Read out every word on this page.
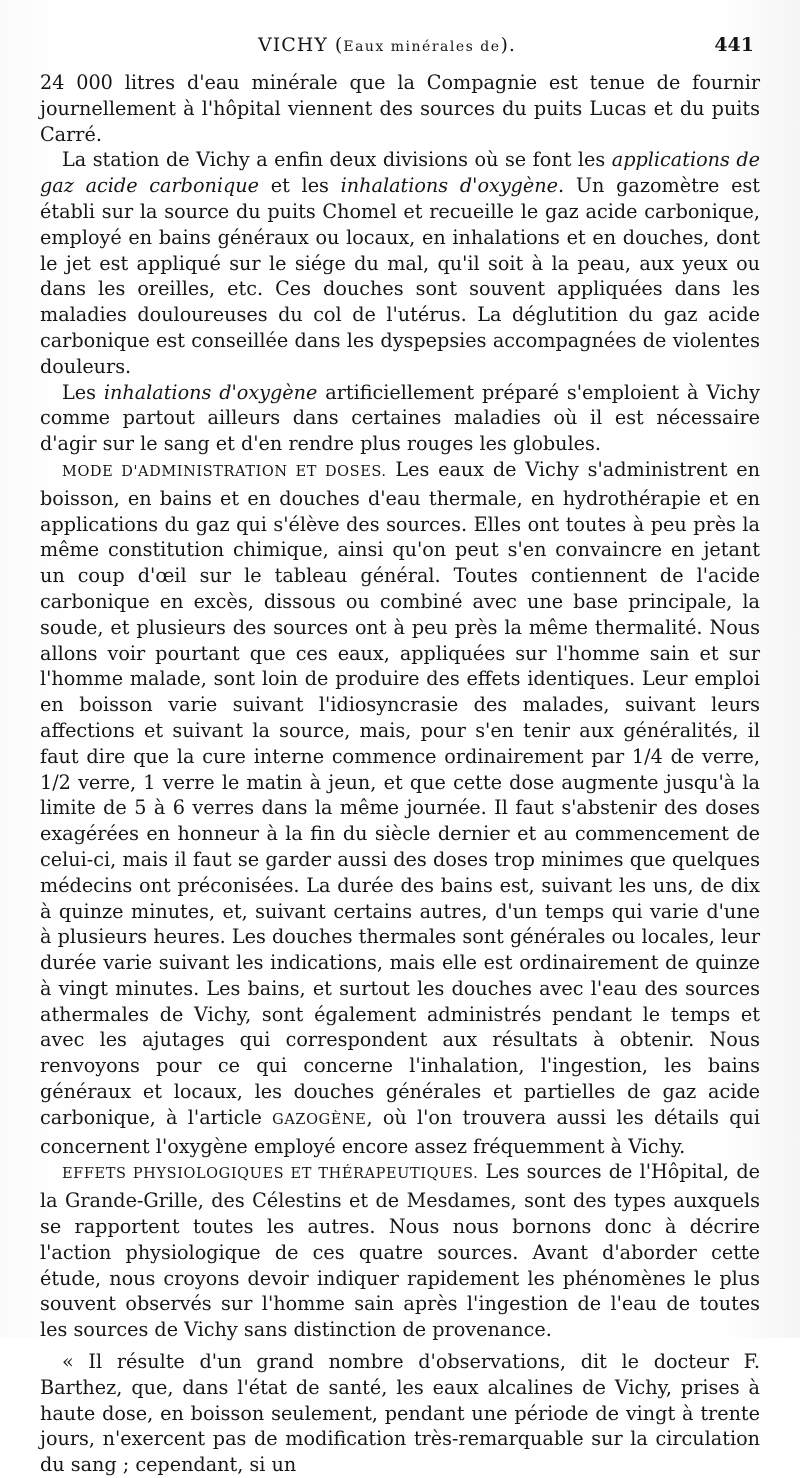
VICHY (Eaux minérales de).	441

24 000 litres d'eau minérale que la Compagnie est tenue de fournir journellement à l'hôpital viennent des sources du puits Lucas et du puits Carré.

La station de Vichy a enfin deux divisions où se font les applications de gaz acide carbonique et les inhalations d'oxygène. Un gazomètre est établi sur la source du puits Chomel et recueille le gaz acide carbonique, employé en bains généraux ou locaux, en inhalations et en douches, dont le jet est appliqué sur le siége du mal, qu'il soit à la peau, aux yeux ou dans les oreilles, etc. Ces douches sont souvent appliquées dans les maladies douloureuses du col de l'utérus. La déglutition du gaz acide carbonique est conseillée dans les dyspepsies accompagnées de violentes douleurs.

Les inhalations d'oxygène artificiellement préparé s'emploient à Vichy comme partout ailleurs dans certaines maladies où il est nécessaire d'agir sur le sang et d'en rendre plus rouges les globules.

MODE D'ADMINISTRATION ET DOSES. Les eaux de Vichy s'administrent en boisson, en bains et en douches d'eau thermale, en hydrothérapie et en applications du gaz qui s'élève des sources. Elles ont toutes à peu près la même constitution chimique, ainsi qu'on peut s'en convaincre en jetant un coup d'œil sur le tableau général. Toutes contiennent de l'acide carbonique en excès, dissous ou combiné avec une base principale, la soude, et plusieurs des sources ont à peu près la même thermalité. Nous allons voir pourtant que ces eaux, appliquées sur l'homme sain et sur l'homme malade, sont loin de produire des effets identiques. Leur emploi en boisson varie suivant l'idiosyncrasie des malades, suivant leurs affections et suivant la source, mais, pour s'en tenir aux généralités, il faut dire que la cure interne commence ordinairement par 1/4 de verre, 1/2 verre, 1 verre le matin à jeun, et que cette dose augmente jusqu'à la limite de 5 à 6 verres dans la même journée. Il faut s'abstenir des doses exagérées en honneur à la fin du siècle dernier et au commencement de celui-ci, mais il faut se garder aussi des doses trop minimes que quelques médecins ont préconisées. La durée des bains est, suivant les uns, de dix à quinze minutes, et, suivant certains autres, d'un temps qui varie d'une à plusieurs heures. Les douches thermales sont générales ou locales, leur durée varie suivant les indications, mais elle est ordinairement de quinze à vingt minutes. Les bains, et surtout les douches avec l'eau des sources athermales de Vichy, sont également administrés pendant le temps et avec les ajutages qui correspondent aux résultats à obtenir. Nous renvoyons pour ce qui concerne l'inhalation, l'ingestion, les bains généraux et locaux, les douches générales et partielles de gaz acide carbonique, à l'article GAZOGÈNE, où l'on trouvera aussi les détails qui concernent l'oxygène employé encore assez fréquemment à Vichy.

EFFETS PHYSIOLOGIQUES ET THÉRAPEUTIQUES. Les sources de l'Hôpital, de la Grande-Grille, des Célestins et de Mesdames, sont des types auxquels se rapportent toutes les autres. Nous nous bornons donc à décrire l'action physiologique de ces quatre sources. Avant d'aborder cette étude, nous croyons devoir indiquer rapidement les phénomènes le plus souvent observés sur l'homme sain après l'ingestion de l'eau de toutes les sources de Vichy sans distinction de provenance.

« Il résulte d'un grand nombre d'observations, dit le docteur F. Barthez, que, dans l'état de santé, les eaux alcalines de Vichy, prises à haute dose, en boisson seulement, pendant une période de vingt à trente jours, n'exercent pas de modification très-remarquable sur la circulation du sang ; cependant, si un
